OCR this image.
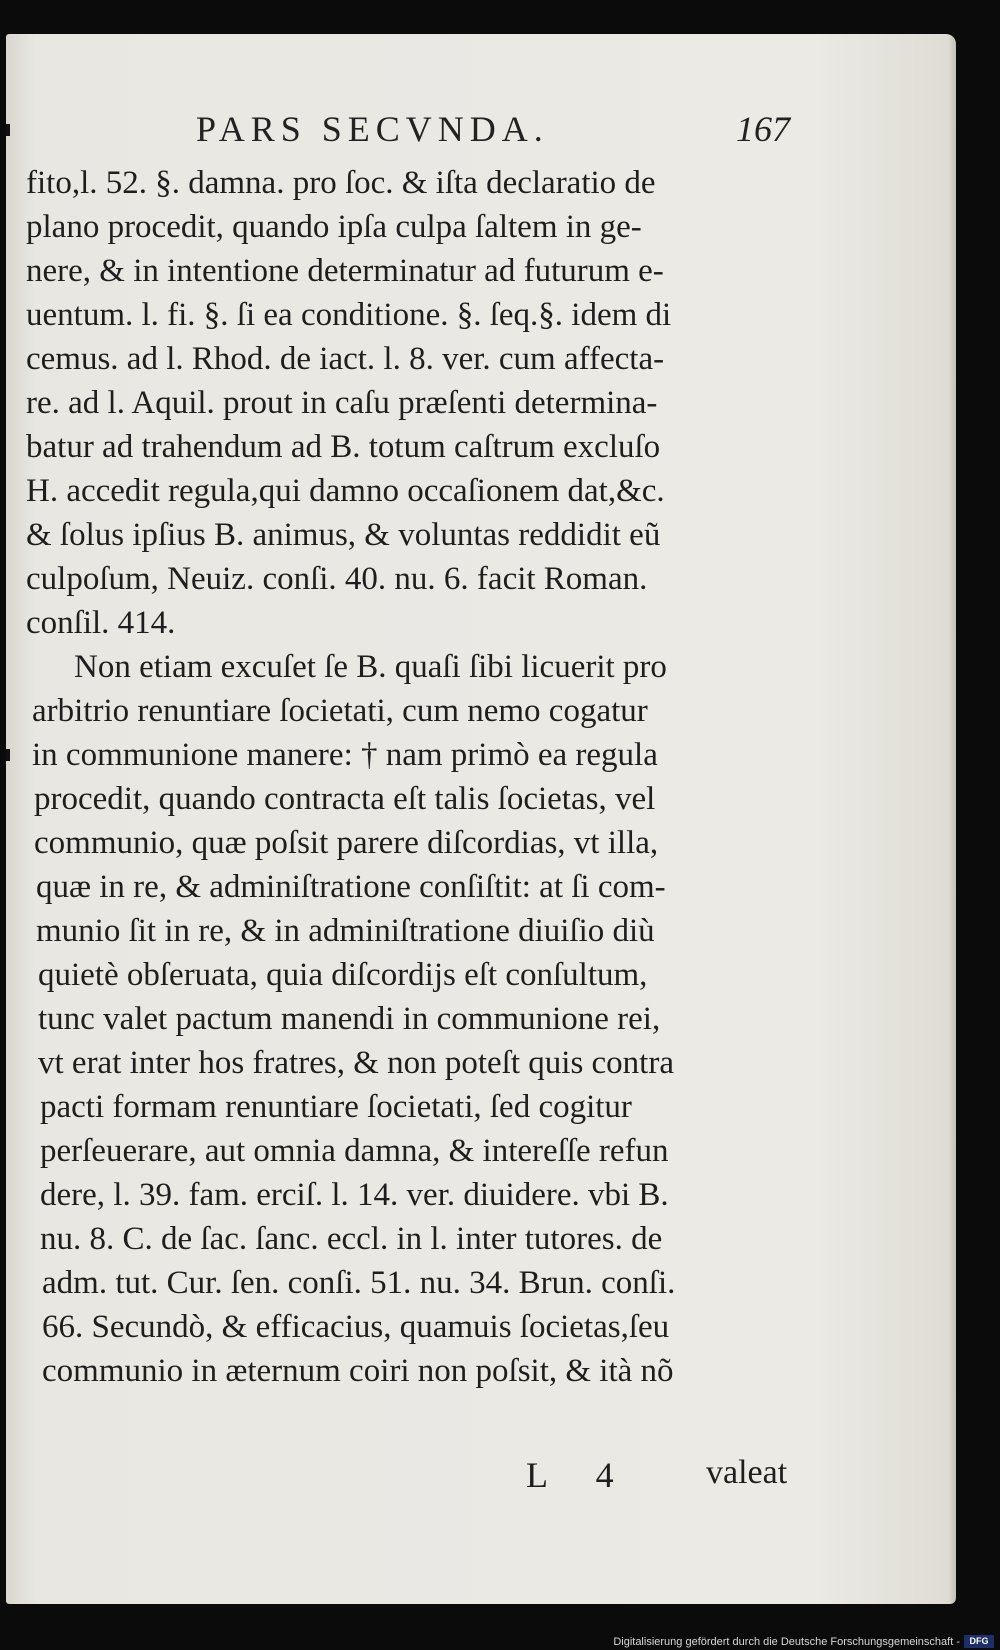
PARS SECVNDA.	167
fito,l. 52. §. damna. pro ſoc. & iſta declaratio de
plano procedit, quando ipſa culpa ſaltem in ge-
nere, & in intentione determinatur ad futurum e-
uentum. l. fi. §. ſi ea conditione. §. ſeq.§. idem di
cemus. ad l. Rhod. de iact. l. 8. ver. cum affecta-
re. ad l. Aquil. prout in caſu præſenti determina-
batur ad trahendum ad B. totum caſtrum excluſo
H. accedit regula,qui damno occaſionem dat,&c.
& ſolus ipſius B. animus, & voluntas reddidit eũ
culpoſum, Neuiz. conſi. 40. nu. 6. facit Roman.
conſil. 414.
Non etiam excuſet ſe B. quaſi ſibi licuerit pro
arbitrio renuntiare ſocietati, cum nemo cogatur
in communione manere: † nam primò ea regula
procedit, quando contracta eſt talis ſocietas, vel
communio, quæ poſsit parere diſcordias, vt illa,
quæ in re, & adminiſtratione conſiſtit: at ſi com-
munio ſit in re, & in adminiſtratione diuiſio diù
quietè obſeruata, quia diſcordijs eſt conſultum,
tunc valet pactum manendi in communione rei,
vt erat inter hos fratres, & non poteſt quis contra
pacti formam renuntiare ſocietati, ſed cogitur
perſeuerare, aut omnia damna, & intereſſe refun
dere, l. 39. fam. erciſ. l. 14. ver. diuidere. vbi B.
nu. 8. C. de ſac. ſanc. eccl. in l. inter tutores. de
adm. tut. Cur. ſen. conſi. 51. nu. 34. Brun. conſi.
66. Secundò, & efficacius, quamuis ſocietas,ſeu
communio in æternum coiri non poſsit, & ità nõ
L 4 valeat
Digitalisierung gefördert durch die Deutsche Forschungsgemeinschaft -	DFG
